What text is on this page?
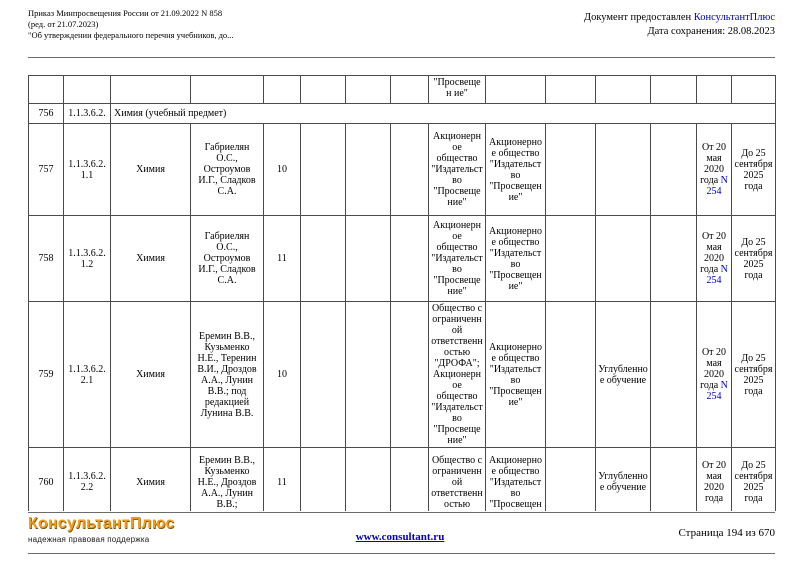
Приказ Минпросвещения России от 21.09.2022 N 858
(ред. от 21.07.2023)
"Об утверждении федерального перечня учебников, до...
Документ предоставлен КонсультантПлюс
Дата сохранения: 28.08.2023
								"Просвещен ие"						
756	1.1.3.6.2.	Химия (учебный предмет)												
757	1.1.3.6.2.1.1	Химия	Габриелян О.С., Остроумов И.Г., Сладков С.А.	10				Акционерное общество "Издательство "Просвещение"	Акционерное общество "Издательство "Просвещение"				От 20 мая 2020 года N 254	До 25 сентября 2025 года
758	1.1.3.6.2.1.2	Химия	Габриелян О.С., Остроумов И.Г., Сладков С.А.	11				Акционерное общество "Издательство "Просвещение"	Акционерное общество "Издательство "Просвещение"				От 20 мая 2020 года N 254	До 25 сентября 2025 года
759	1.1.3.6.2.2.1	Химия	Еремин В.В., Кузьменко Н.Е., Теренин В.И., Дроздов А.А., Лунин В.В.; под редакцией Лунина В.В.	10				Общество с ограниченной ответственностью "ДРОФА"; Акционерное общество "Издательство "Просвещение"	Акционерное общество "Издательство "Просвещение"		Углубленное обучение		От 20 мая 2020 года N 254	До 25 сентября 2025 года
760	1.1.3.6.2.2.2	Химия	Еремин В.В., Кузьменко Н.Е., Дроздов А.А., Лунин В.В.;	11				Общество с ограниченной ответственностью	Акционерное общество "Издательство "Просвещен		Углубленное обучение		От 20 мая 2020 года	До 25 сентября 2025 года
КонсультантПлюс
надежная правовая поддержка	www.consultant.ru	Страница 194 из 670
